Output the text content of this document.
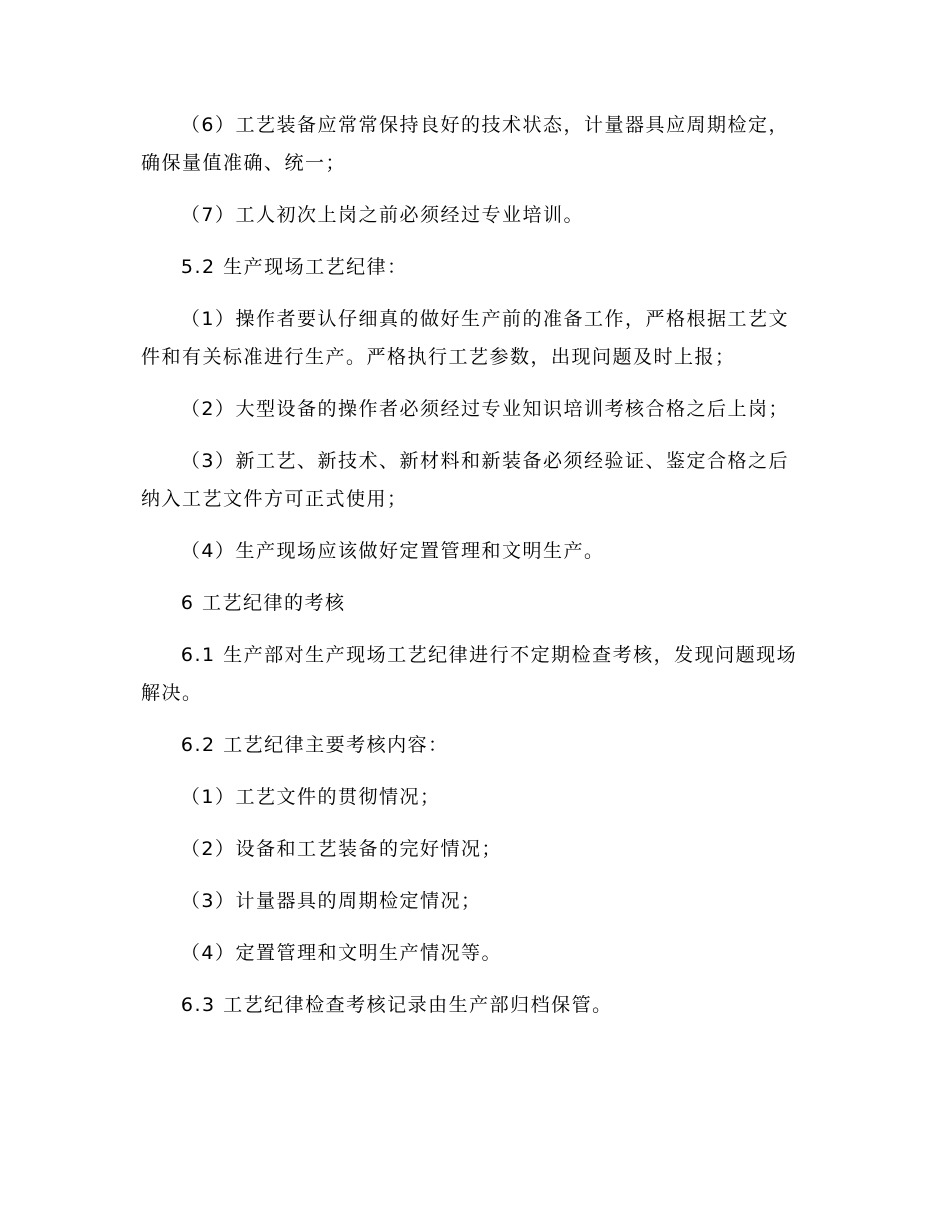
（6）工艺装备应常常保持良好的技术状态，计量器具应周期检定，确保量值准确、统一；

（7）工人初次上岗之前必须经过专业培训。

5.2 生产现场工艺纪律：

（1）操作者要认仔细真的做好生产前的准备工作，严格根据工艺文件和有关标准进行生产。严格执行工艺参数，出现问题及时上报；

（2）大型设备的操作者必须经过专业知识培训考核合格之后上岗；

（3）新工艺、新技术、新材料和新装备必须经验证、鉴定合格之后纳入工艺文件方可正式使用；

（4）生产现场应该做好定置管理和文明生产。

6 工艺纪律的考核

6.1 生产部对生产现场工艺纪律进行不定期检查考核，发现问题现场解决。

6.2 工艺纪律主要考核内容：

（1）工艺文件的贯彻情况；

（2）设备和工艺装备的完好情况；

（3）计量器具的周期检定情况；

（4）定置管理和文明生产情况等。

6.3 工艺纪律检查考核记录由生产部归档保管。
